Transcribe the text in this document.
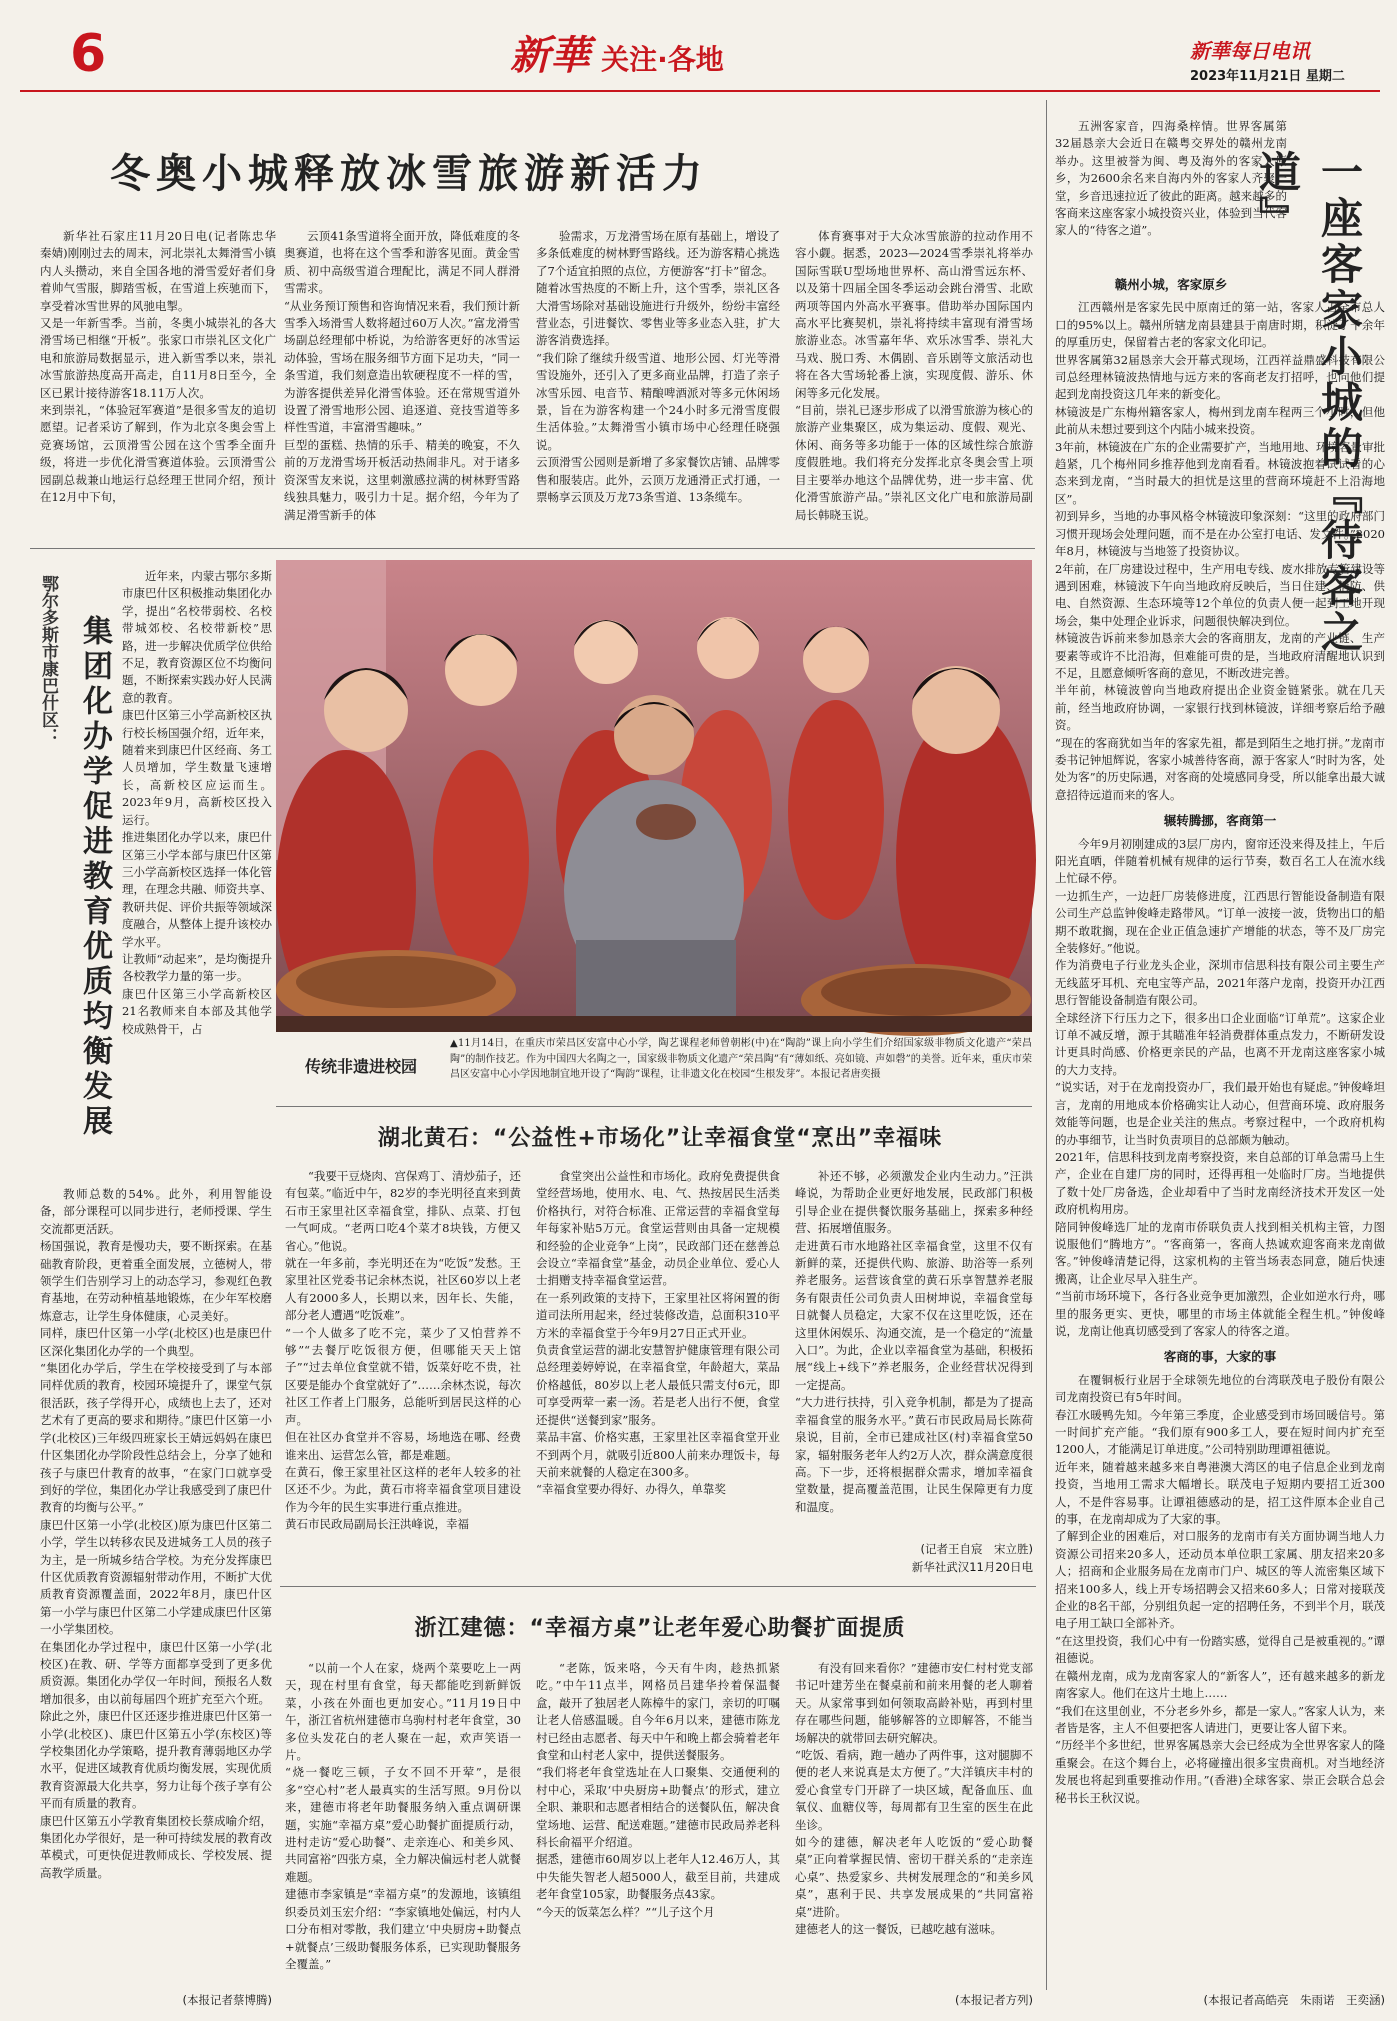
6	新華 关注·各地	新華每日电讯
2023年11月21日 星期二
冬奥小城释放冰雪旅游新活力
新华社石家庄11月20日电(记者陈忠华　秦婧)刚刚过去的周末，河北崇礼太舞滑雪小镇内人头攒动，来自全国各地的滑雪爱好者们身着帅气雪服，脚踏雪板，在雪道上疾驰而下，享受着冰雪世界的风驰电掣。
又是一年新雪季。当前，冬奥小城崇礼的各大滑雪场已相继“开板”。张家口市崇礼区文化广电和旅游局数据显示，进入新雪季以来，崇礼冰雪旅游热度高开高走，自11月8日至今，全区已累计接待游客18.11万人次。
来到崇礼，“体验冠军赛道”是很多雪友的追切愿望。记者采访了解到，作为北京冬奥会雪上竞赛场馆，云顶滑雪公园在这个雪季全面升级，将进一步优化滑雪赛道体验。云顶滑雪公园副总裁兼山地运行总经理王世同介绍，预计在12月中下旬，
云顶41条雪道将全面开放，降低难度的冬奥赛道，也将在这个雪季和游客见面。黄金雪质、初中高级雪道合理配比，满足不同人群滑雪需求。
“从业务预订预售和咨询情况来看，我们预计新雪季入场滑雪人数将超过60万人次。”富龙滑雪场副总经理郁中桥说，为给游客更好的冰雪运动体验，雪场在服务细节方面下足功夫，“同一条雪道，我们刻意造出软硬程度不一样的雪，为游客提供差异化滑雪体验。还在常规雪道外设置了滑雪地形公园、追逐道、竞技雪道等多样性雪道，丰富滑雪趣味。”
巨型的蛋糕、热情的乐手、精美的晚宴，不久前的万龙滑雪场开板活动热闹非凡。对于诸多资深雪友来说，这里刺激感拉满的树林野雪路线独具魅力，吸引力十足。据介绍，今年为了满足滑雪新手的体
验需求，万龙滑雪场在原有基础上，增设了多条低难度的树林野雪路线。还为游客精心挑选了7个适宜拍照的点位，方便游客“打卡”留念。
随着冰雪热度的不断上升，这个雪季，崇礼区各大滑雪场除对基础设施进行升级外，纷纷丰富经营业态，引进餐饮、零售业等多业态入驻，扩大游客消费选择。
“我们除了继续升级雪道、地形公园、灯光等滑雪设施外，还引入了更多商业品牌，打造了亲子冰雪乐园、电音节、精酿啤酒派对等多元休闲场景，旨在为游客构建一个24小时多元滑雪度假生活体验。”太舞滑雪小镇市场中心经理任晓强说。
云顶滑雪公园则是新增了多家餐饮店铺、品牌零售和服装店。此外，云顶万龙通滑正式打通，一票畅享云顶及万龙73条雪道、13条缆车。
体育赛事对于大众冰雪旅游的拉动作用不容小觑。据悉，2023—2024雪季崇礼将举办国际雪联U型场地世界杯、高山滑雪远东杯、以及第十四届全国冬季运动会跳台滑雪、北欧两项等国内外高水平赛事。借助举办国际国内高水平比赛契机，崇礼将持续丰富现有滑雪场旅游业态。冰雪嘉年华、欢乐冰雪季、崇礼大马戏、脱口秀、木偶剧、音乐剧等文旅活动也将在各大雪场轮番上演，实现度假、游乐、休闲等多元化发展。
“目前，崇礼已逐步形成了以滑雪旅游为核心的旅游产业集聚区，成为集运动、度假、观光、休闲、商务等多功能于一体的区域性综合旅游度假胜地。我们将充分发挥北京冬奥会雪上项目主要举办地这个品牌优势，进一步丰富、优化滑雪旅游产品。”崇礼区文化广电和旅游局副局长韩晓玉说。
五洲客家音，四海桑梓情。世界客属第32届恳亲大会近日在赣粤交界处的赣州龙南举办。这里被誉为闽、粤及海外的客家人原乡，为2600余名来自海内外的客家人齐聚一堂，乡音迅速拉近了彼此的距离。越来越多的客商来这座客家小城投资兴业，体验到当代客家人的“待客之道”。	一座客家小城的『待客之道』
赣州小城，客家原乡
江西赣州是客家先民中原南迁的第一站，客家人占全市总人口的95%以上。赣州所辖龙南县建县于南唐时期，积淀了千余年的厚重历史，保留着古老的客家文化印记。
世界客属第32届恳亲大会开幕式现场，江西祥益鼎盛科技有限公司总经理林镜波热情地与远方来的客商老友打招呼，也向他们提起到龙南投资这几年来的新变化。
林镜波是广东梅州籍客家人，梅州到龙南车程两三个小时，但他此前从未想过要到这个内陆小城来投资。
3年前，林镜波在广东的企业需要扩产，当地用地、环境容量审批趋紧，几个梅州同乡推荐他到龙南看看。林镜波抱着试试看的心态来到龙南，“当时最大的担忧是这里的营商环境赶不上沿海地区”。
初到异乡，当地的办事风格令林镜波印象深刻：“这里的政府部门习惯开现场会处理问题，而不是在办公室打电话、发文件。”2020年8月，林镜波与当地签了投资协议。
2年前，在厂房建设过程中，生产用电专线、废水排放专管建设等遇到困难，林镜波下午向当地政府反映后，当日住建、消防、供电、自然资源、生态环境等12个单位的负责人便一起到工地开现场会，集中处理企业诉求，问题很快解决到位。
林镜波告诉前来参加恳亲大会的客商朋友，龙南的产业链、生产要素等或许不比沿海，但难能可贵的是，当地政府清醒地认识到不足，且愿意倾听客商的意见，不断改进完善。
半年前，林镜波曾向当地政府提出企业资金链紧张。就在几天前，经当地政府协调，一家银行找到林镜波，详细考察后给予融资。
“现在的客商犹如当年的客家先祖，都是到陌生之地打拼。”龙南市委书记钟旭辉说，客家小城善待客商，源于客家人“时时为客，处处为客”的历史际遇，对客商的处境感同身受，所以能拿出最大诚意招待远道而来的客人。
辗转腾挪，客商第一
今年9月初刚建成的3层厂房内，窗帘还没来得及挂上，午后阳光直晒，伴随着机械有规律的运行节奏，数百名工人在流水线上忙碌不停。
一边抓生产，一边赶厂房装修进度，江西思行智能设备制造有限公司生产总监钟俊峰走路带风。“订单一波接一波，货物出口的船期不敢耽搁，现在企业正值急速扩产增能的状态，等不及厂房完全装修好。”他说。
作为消费电子行业龙头企业，深圳市信思科技有限公司主要生产无线蓝牙耳机、充电宝等产品，2021年落户龙南，投资开办江西思行智能设备制造有限公司。
全球经济下行压力之下，很多出口企业面临“订单荒”。这家企业订单不减反增，源于其瞄准年轻消费群体重点发力，不断研发设计更具时尚感、价格更亲民的产品，也离不开龙南这座客家小城的大力支持。
“说实话，对于在龙南投资办厂，我们最开始也有疑虑。”钟俊峰坦言，龙南的用地成本价格确实让人动心，但营商环境、政府服务效能等问题，也是企业关注的焦点。考察过程中，一个政府机构的办事细节，让当时负责项目的总部颇为触动。
2021年，信思科技到龙南考察投资，来自总部的订单急需马上生产，企业在自建厂房的同时，还得再租一处临时厂房。当地提供了数十处厂房备选，企业却看中了当时龙南经济技术开发区一处政府机构用房。
陪同钟俊峰选厂址的龙南市侨联负责人找到相关机构主管，力图说服他们“腾地方”。“客商第一，客商人热诚欢迎客商来龙南做客。”钟俊峰清楚记得，这家机构的主管当场表态同意，随后快速搬离，让企业尽早入驻生产。
“当前市场环境下，各行各业竞争更加激烈，企业如逆水行舟，哪里的服务更实、更快，哪里的市场主体就能全程生机。”钟俊峰说，龙南让他真切感受到了客家人的待客之道。
客商的事，大家的事
在覆铜板行业居于全球领先地位的台湾联茂电子股份有限公司龙南投资已有5年时间。
春江水暖鸭先知。今年第三季度，企业感受到市场回暖信号。第一时间扩充产能。“我们原有900多工人，要在短时间内扩充至1200人，才能满足订单进度。”公司特别助理谭祖德说。
近年来，随着越来越多来自粤港澳大湾区的电子信息企业到龙南投资，当地用工需求大幅增长。联茂电子短期内要招工近300人，不是件容易事。让谭祖德感动的是，招工这件原本企业自己的事，在龙南却成为了大家的事。
了解到企业的困难后，对口服务的龙南市有关方面协调当地人力资源公司招来20多人，还动员本单位职工家属、朋友招来20多人；招商和企业服务局在龙南市门户、城区的等人流密集区域下招来100多人，线上开专场招聘会又招来60多人；日常对接联茂企业的8名干部，分别组负起一定的招聘任务，不到半个月，联茂电子用工缺口全部补齐。
“在这里投资，我们心中有一份踏实感，觉得自己是被重视的。”谭祖德说。
在赣州龙南，成为龙南客家人的“新客人”，还有越来越多的新龙南客家人。他们在这片土地上……
“我们在这里创业，不分老乡外乡，都是一家人。”客家人认为，来者皆是客，主人不但要把客人请进门，更要让客人留下来。
“历经半个多世纪，世界客属恳亲大会已经成为全世界客家人的隆重聚会。在这个舞台上，必将碰撞出很多宝贵商机。对当地经济发展也将起到重要推动作用。”(香港)全球客家、崇正会联合总会秘书长王秋汉说。
(本报记者高皓亮　朱雨诺　王奕涵)
鄂尔多斯市康巴什区： 集团化办学促进教育优质均衡发展
近年来，内蒙古鄂尔多斯市康巴什区积极推动集团化办学，提出“名校带弱校、名校带城郊校、名校带新校”思路，进一步解决优质学位供给不足，教育资源区位不均衡问题，不断探索实践办好人民满意的教育。
康巴什区第三小学高新校区执行校长杨国强介绍，近年来，随着来到康巴什区经商、务工人员增加，学生数量飞速增长，高新校区应运而生。2023年9月，高新校区投入运行。
推进集团化办学以来，康巴什区第三小学本部与康巴什区第三小学高新校区选择一体化管理，在理念共融、师资共享、教研共促、评价共振等领域深度融合，从整体上提升该校办学水平。
让教师“动起来”，是均衡提升各校教学力量的第一步。
康巴什区第三小学高新校区21名教师来自本部及其他学校成熟骨干，占
教师总数的54%。此外，利用智能设备，部分课程可以同步进行，老师授课、学生交流都更活跃。
杨国强说，教育是慢功夫，要不断探索。在基础教育阶段，更着重全面发展，立德树人，带领学生们告别学习上的动态学习，参观红色教育基地，在劳动种植基地锻炼，在少年军校磨炼意志，让学生身体健康，心灵美好。
同样，康巴什区第一小学(北校区)也是康巴什区深化集团化办学的一个典型。
“集团化办学后，学生在学校接受到了与本部同样优质的教育，校园环境提升了，课堂气氛很活跃，孩子学得开心，成绩也上去了，还对艺术有了更高的要求和期待。”康巴什区第一小学(北校区)三年级四班家长王婧远妈妈在康巴什区集团化办学阶段性总结会上，分享了她和孩子与康巴什教育的故事，“在家门口就享受到好的学位，集团化办学让我感受到了康巴什教育的均衡与公平。”
康巴什区第一小学(北校区)原为康巴什区第二小学，学生以转移农民及进城务工人员的孩子为主，是一所城乡结合学校。为充分发挥康巴什区优质教育资源辐射带动作用，不断扩大优质教育资源覆盖面，2022年8月，康巴什区第一小学与康巴什区第二小学建成康巴什区第一小学集团校。
在集团化办学过程中，康巴什区第一小学(北校区)在教、研、学等方面都享受到了更多优质资源。集团化办学仅一年时间，预报名人数增加很多，由以前每届四个班扩充至六个班。
除此之外，康巴什区还逐步推进康巴什区第一小学(北校区)、康巴什区第五小学(东校区)等学校集团化办学策略，提升教育薄弱地区办学水平，促进区域教育优质均衡发展，实现优质教育资源最大化共享，努力让每个孩子享有公平而有质量的教育。
康巴什区第五小学教育集团校长蔡成喻介绍，集团化办学很好，是一种可持续发展的教育改革模式，可更快促进教师成长、学校发展、提高教学质量。
(本报记者蔡博腾)
传统非遗进校园
▲11月14日，在重庆市荣昌区安富中心小学，陶艺课程老师曾朝彬(中)在“陶韵”课上向小学生们介绍国家级非物质文化遗产“荣昌陶”的制作技艺。作为中国四大名陶之一，国家级非物质文化遗产“荣昌陶”有“薄如纸、亮如镜、声如磬”的美誉。近年来，重庆市荣昌区安富中心小学因地制宜地开设了“陶韵”课程，让非遗文化在校园“生根发芽”。本报记者唐奕摄
湖北黄石：“公益性+市场化”让幸福食堂“烹出”幸福味
“我要干豆烧肉、宫保鸡丁、清炒茄子，还有包菜。”临近中午，82岁的李光明径直来到黄石市王家里社区幸福食堂，排队、点菜、打包一气呵成。“老两口吃4个菜才8块钱，方便又省心。”他说。
就在一年多前，李光明还在为“吃饭”发愁。王家里社区党委书记余林杰说，社区60岁以上老人有2000多人，长期以来，因年长、失能，部分老人遭遇“吃饭难”。
“一个人做多了吃不完，菜少了又怕营养不够”“去餐厅吃饭很方便，但哪能天天上馆子”“过去单位食堂就不错，饭菜好吃不贵，社区要是能办个食堂就好了”……余林杰说，每次社区工作者上门服务，总能听到居民这样的心声。
但在社区办食堂并不容易，场地选在哪、经费谁来出、运营怎么管，都是难题。
在黄石，像王家里社区这样的老年人较多的社区还不少。为此，黄石市将幸福食堂项目建设作为今年的民生实事进行重点推进。
黄石市民政局副局长汪洪峰说，幸福
食堂突出公益性和市场化。政府免费提供食堂经营场地，使用水、电、气、热按居民生活类价格执行，对符合标准、正常运营的幸福食堂每年每家补贴5万元。食堂运营则由具备一定规模和经验的企业竞争“上岗”，民政部门还在慈善总会设立“幸福食堂”基金，动员企业单位、爱心人士捐赠支持幸福食堂运营。
在一系列政策的支持下，王家里社区将闲置的街道司法所用起来，经过装修改造，总面积310平方米的幸福食堂于今年9月27日正式开业。
负责食堂运营的湖北安慧智护健康管理有限公司总经理姜婷婷说，在幸福食堂，年龄超大，菜品价格越低，80岁以上老人最低只需支付6元，即可享受两荤一素一汤。若是老人出行不便，食堂还提供“送餐到家”服务。
菜品丰富、价格实惠，王家里社区幸福食堂开业不到两个月，就吸引近800人前来办理饭卡，每天前来就餐的人稳定在300多。
“幸福食堂要办得好、办得久，单靠奖
补还不够，必须激发企业内生动力。”汪洪峰说，为帮助企业更好地发展，民政部门积极引导企业在提供餐饮服务基础上，探索多种经营、拓展增值服务。
走进黄石市水地路社区幸福食堂，这里不仅有新鲜的菜，还提供代购、旅游、助浴等一系列养老服务。运营该食堂的黄石乐享智慧养老服务有限责任公司负责人田树坤说，幸福食堂每日就餐人员稳定，大家不仅在这里吃饭，还在这里休闲娱乐、沟通交流，是一个稳定的“流量入口”。为此，企业以幸福食堂为基础，积极拓展“线上+线下”养老服务，企业经营状况得到一定提高。
“大力进行扶持，引入竞争机制，都是为了提高幸福食堂的服务水平。”黄石市民政局局长陈荷泉说，目前，全市已建成社区(村)幸福食堂50家，辐射服务老年人约2万人次，群众满意度很高。下一步，还将根据群众需求，增加幸福食堂数量，提高覆盖范围，让民生保障更有力度和温度。
(记者王自宸　宋立胜)
新华社武汉11月20日电
浙江建德：“幸福方桌”让老年爱心助餐扩面提质
“以前一个人在家，烧两个菜要吃上一两天，现在村里有食堂，每天都能吃到新鲜饭菜，小孩在外面也更加安心。”11月19日中午，浙江省杭州建德市乌驹村村老年食堂，30多位头发花白的老人聚在一起，欢声笑语一片。
“烧一餐吃三顿，子女不回不开荤”，是很多“空心村”老人最真实的生活写照。9月份以来，建德市将老年助餐服务纳入重点调研课题，实施“幸福方桌”爱心助餐扩面提质行动，进村走访“爱心助餐”、走亲连心、和美乡风、共同富裕”四张方桌，全力解决偏远村老人就餐难题。
建德市李家镇是“幸福方桌”的发源地，该镇组织委员刘玉宏介绍：“李家镇地处偏远，村内人口分布相对零散，我们建立‘中央厨房+助餐点+就餐点’三级助餐服务体系，已实现助餐服务全覆盖。”
“老陈，饭来咯，今天有牛肉，趁热抓紧吃。”中午11点半，网格员吕建华拎着保温餐盒，敲开了独居老人陈樟牛的家门，亲切的叮嘱让老人倍感温暖。自今年6月以来，建德市陈龙村已经由志愿者、每天中午和晚上都会骑着老年食堂和山村老人家中，提供送餐服务。
“我们将老年食堂选址在人口聚集、交通便利的村中心，采取‘中央厨房+助餐点’的形式，建立全职、兼职和志愿者相结合的送餐队伍，解决食堂场地、运营、配送难题。”建德市民政局养老科科长俞福平介绍道。
据悉，建德市60周岁以上老年人12.46万人，其中失能失智老人超5000人，截至目前，共建成老年食堂105家，助餐服务点43家。
“今天的饭菜怎么样？”“儿子这个月
有没有回来看你？”建德市安仁村村党支部书记叶建芳坐在餐桌前和前来用餐的老人聊着天。从家常事到如何领取高龄补贴，再到村里存在哪些问题，能够解答的立即解答，不能当场解决的就带回去研究解决。
“吃饭、看病，跑一趟办了两件事，这对腿脚不便的老人来说真是太方便了。”大洋镇庆丰村的爱心食堂专门开辟了一块区域，配备血压、血氧仪、血糖仪等，每周都有卫生室的医生在此坐诊。
如今的建德，解决老年人吃饭的“爱心助餐桌”正向着掌握民情、密切干群关系的“走亲连心桌”、热爱家乡、共树发展理念的“和美乡风桌”，惠利于民、共享发展成果的“共同富裕桌”进阶。
建德老人的这一餐饭，已越吃越有滋味。
(本报记者方列)
